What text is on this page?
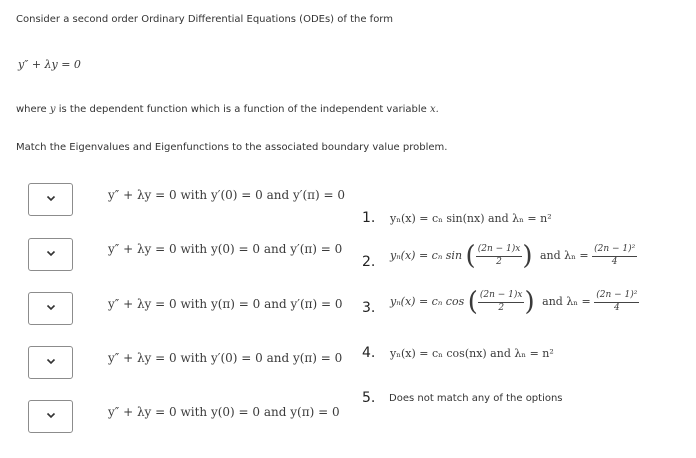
Consider a second order Ordinary Differential Equations (ODEs) of the form
y″ + λy = 0
where y is the dependent function which is a function of the independent variable x.
Match the Eigenvalues and Eigenfunctions to the associated boundary value problem.
y″ + λy = 0 with y′(0) = 0 and y′(π) = 0
y″ + λy = 0 with y(0) = 0 and y′(π) = 0
y″ + λy = 0 with y(π) = 0 and y′(π) = 0
y″ + λy = 0 with y′(0) = 0 and y(π) = 0
y″ + λy = 0 with y(0) = 0 and y(π) = 0
1. yₙ(x) = cₙ sin(nx) and λₙ = n²
2. yₙ(x) = cₙ sin ( $\frac{(2n - 1)x}{2}$ ) and $\lambda_n = \frac{\text{(2n − 1)²}}{4}$
3. yₙ(x) = cₙ cos ( $\frac{(2n - 1)x}{2}$ ) and $\lambda_n = \frac{\text{(2n − 1)²}}{4}$
4. yₙ(x) = cₙ cos(nx) and λₙ = n²
5. Does not match any of the options
